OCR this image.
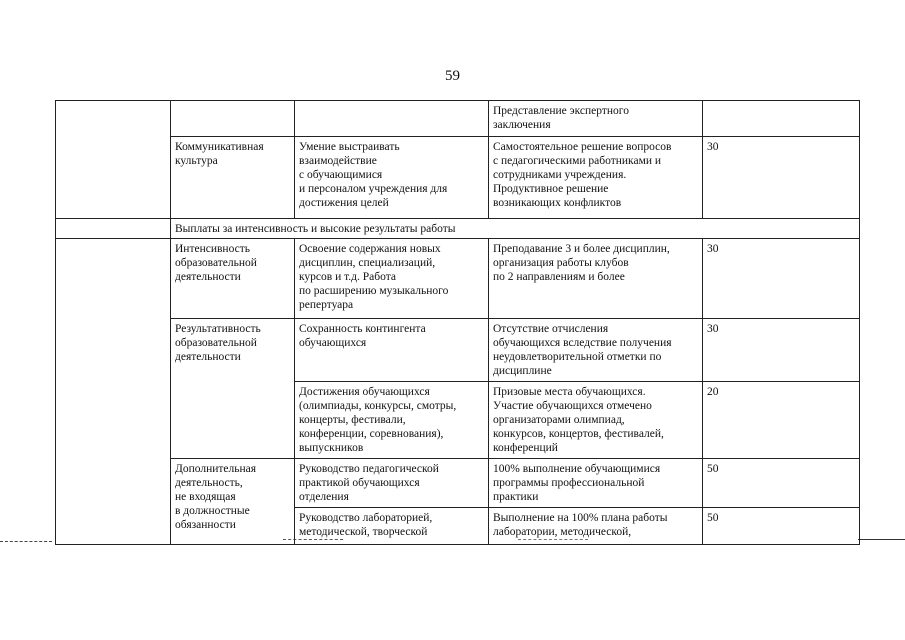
59
			Представление экспертного
заключения	
	Коммуникативная
культура	Умение выстраивать
взаимодействие
с обучающимися
и персоналом учреждения для
достижения целей	Самостоятельное решение вопросов
с педагогическими работниками и
сотрудниками учреждения.
Продуктивное решение
возникающих конфликтов	30
	Выплаты за интенсивность и высокие результаты работы			
	Интенсивность
образовательной
деятельности	Освоение содержания новых
дисциплин, специализаций,
курсов и т.д. Работа
по расширению музыкального
репертуара	Преподавание 3 и более дисциплин,
организация работы клубов
по 2 направлениям и более	30
	Результативность
образовательной
деятельности	Сохранность контингента
обучающихся	Отсутствие отчисления
обучающихся вследствие получения
неудовлетворительной отметки по
дисциплине	30
		Достижения обучающихся
(олимпиады, конкурсы, смотры,
концерты, фестивали,
конференции, соревнования),
выпускников	Призовые места обучающихся.
Участие обучающихся отмечено
организаторами олимпиад,
конкурсов, концертов, фестивалей,
конференций	20
	Дополнительная
деятельность,
не входящая
в должностные
обязанности	Руководство педагогической
практикой обучающихся
отделения	100% выполнение обучающимися
программы профессиональной
практики	50
		Руководство лабораторией,
методической, творческой	Выполнение на 100% плана работы
лаборатории, методической,	50
